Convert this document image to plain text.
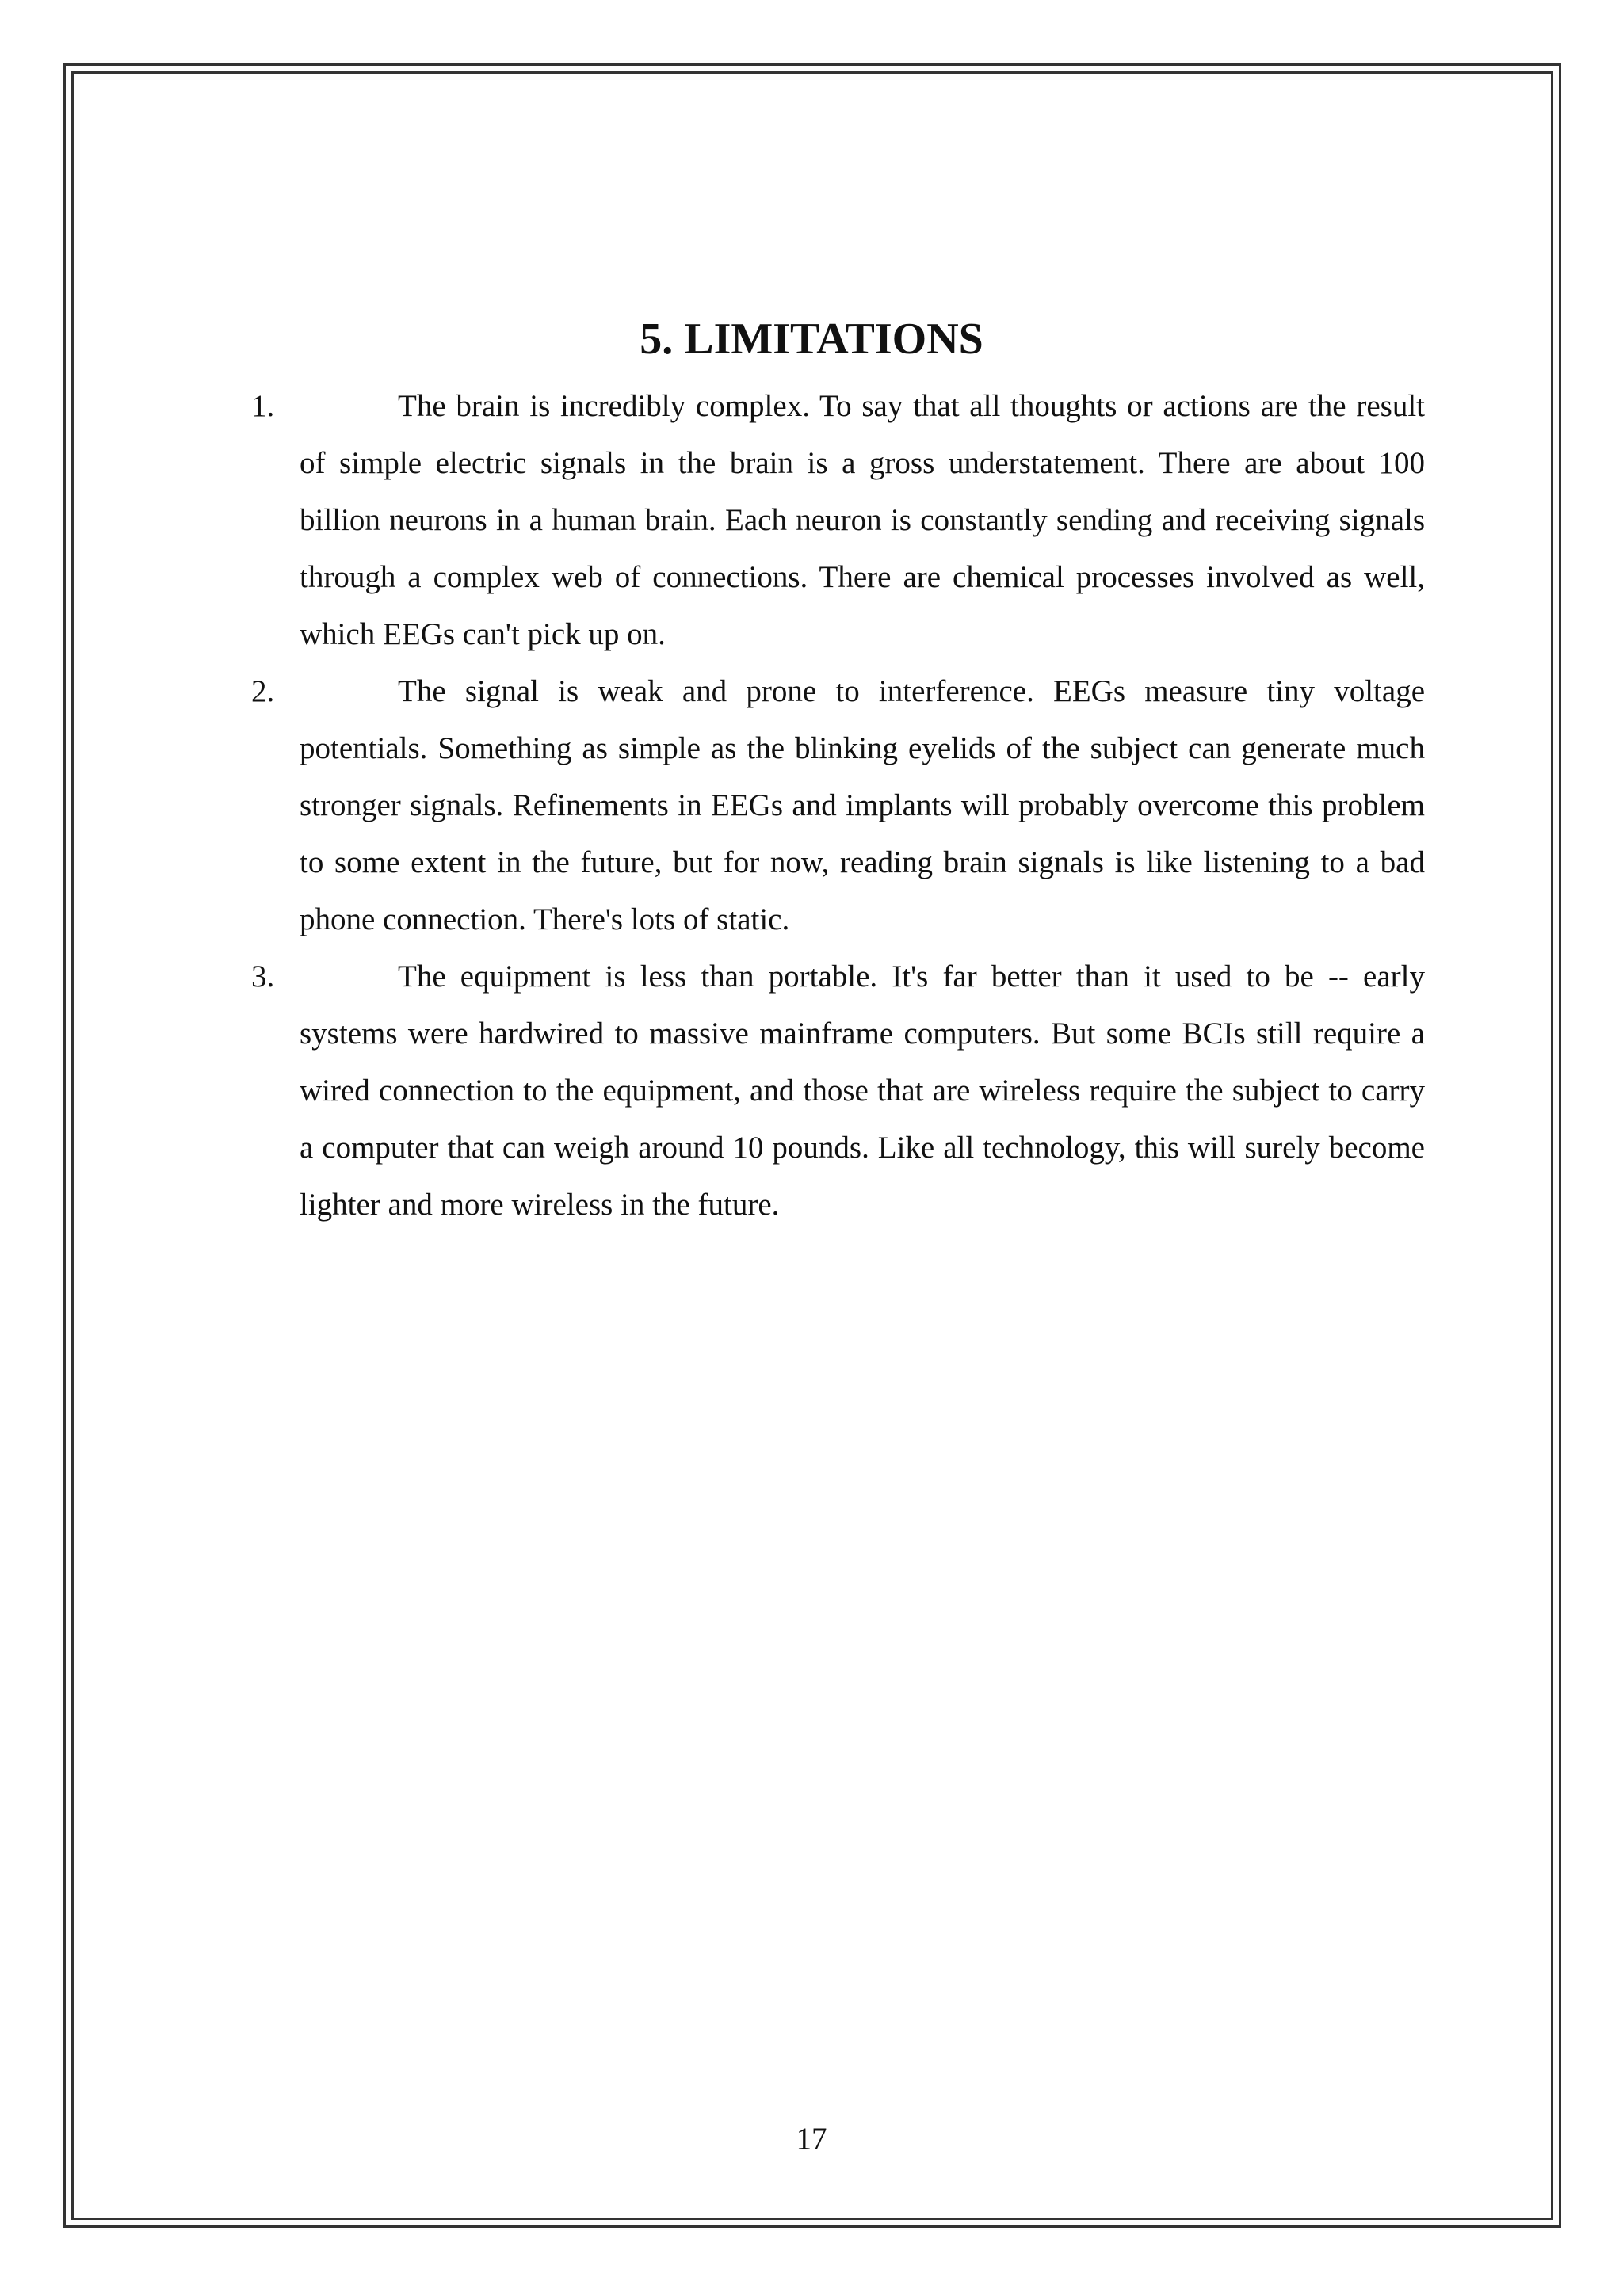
5. LIMITATIONS
1.	The brain is incredibly complex. To say that all thoughts or actions are the result of simple electric signals in the brain is a gross understatement. There are about 100 billion neurons in a human brain. Each neuron is constantly sending and receiving signals through a complex web of connections. There are chemical processes involved as well, which EEGs can't pick up on.

2.	The signal is weak and prone to interference. EEGs measure tiny voltage potentials. Something as simple as the blinking eyelids of the subject can generate much stronger signals. Refinements in EEGs and implants will probably overcome this problem to some extent in the future, but for now, reading brain signals is like listening to a bad phone connection. There's lots of static.

3.	The equipment is less than portable. It's far better than it used to be -- early systems were hardwired to massive mainframe computers. But some BCIs still require a wired connection to the equipment, and those that are wireless require the subject to carry a computer that can weigh around 10 pounds. Like all technology, this will surely become lighter and more wireless in the future.

17
